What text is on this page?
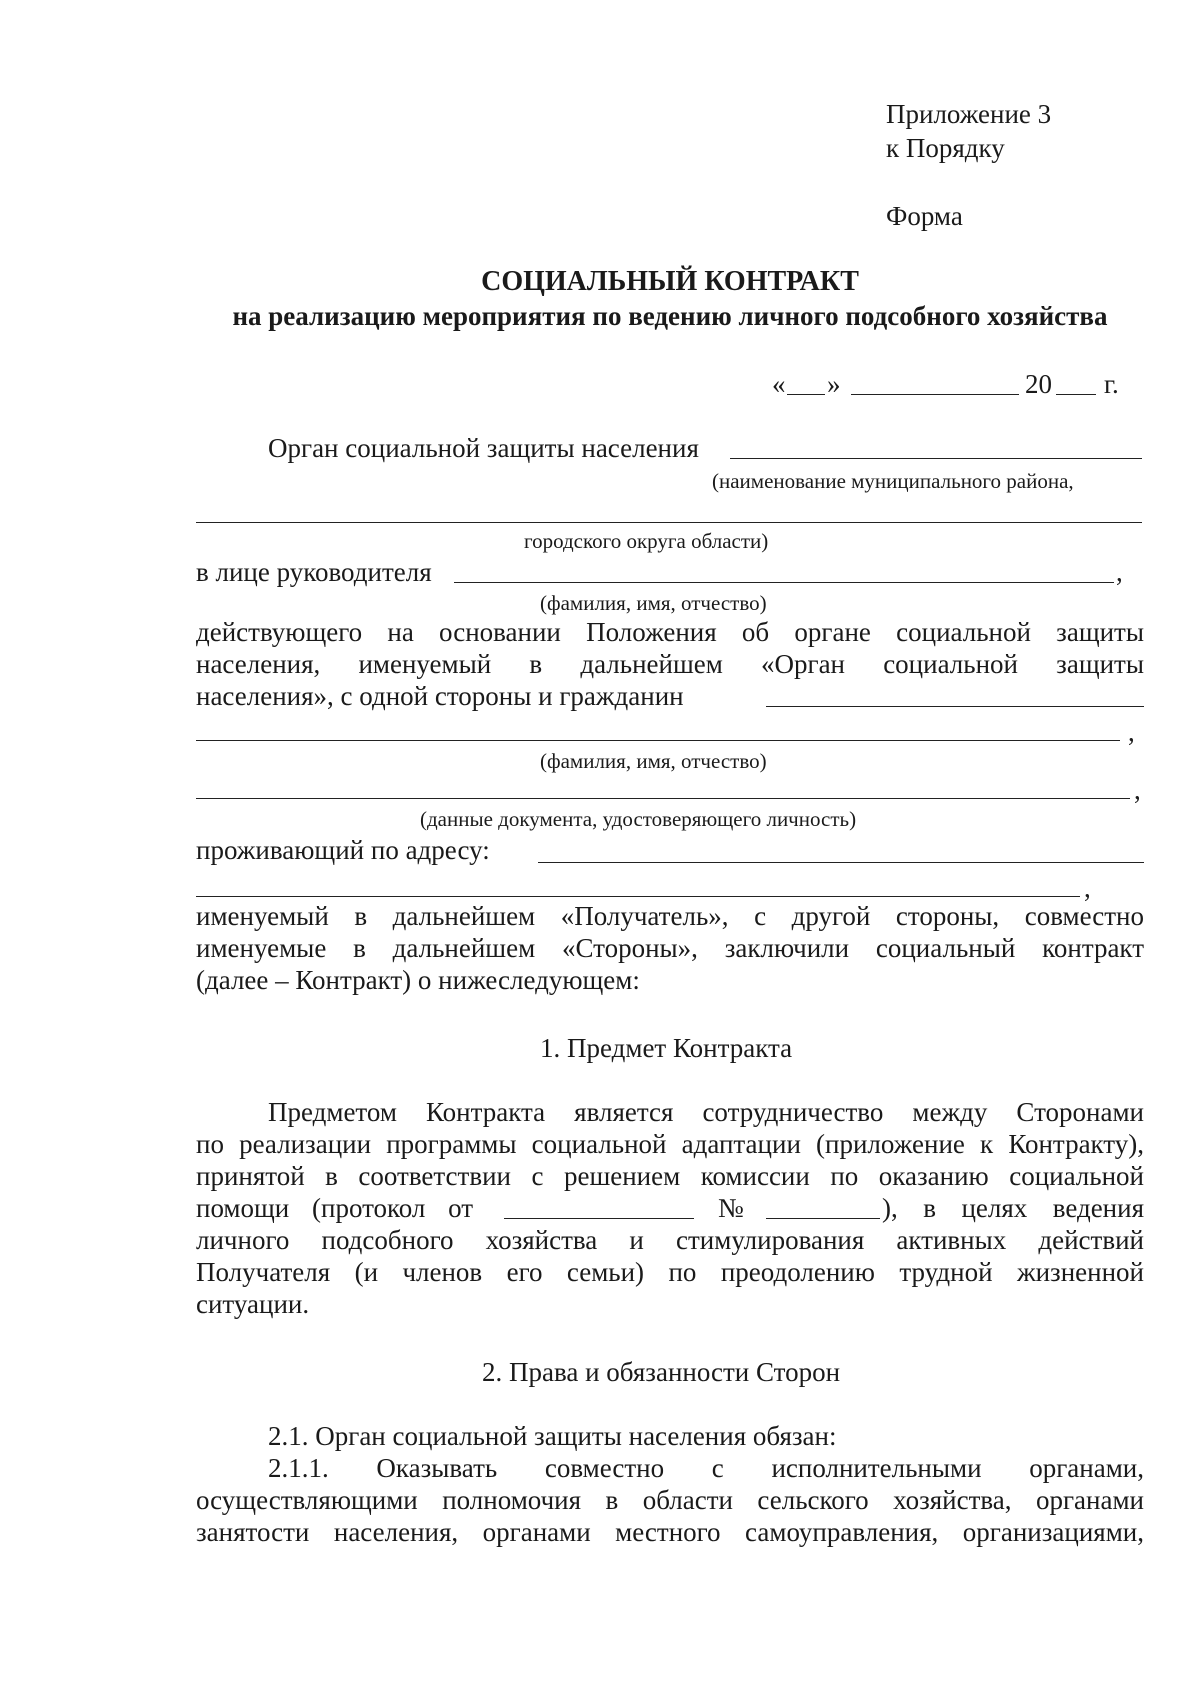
Приложение 3
к Порядку
Форма
СОЦИАЛЬНЫЙ КОНТРАКТ
на реализацию мероприятия по ведению личного подсобного хозяйства
« »	20 г.
Орган социальной защиты населения
(наименование муниципального района,
городского округа области)
в лице руководителя	,
(фамилия, имя, отчество)
действующего на основании Положения об органе социальной защиты
населения, именуемый в дальнейшем «Орган социальной защиты
населения», с одной стороны и гражданин
,
(фамилия, имя, отчество)
,
(данные документа, удостоверяющего личность)
проживающий по адресу:
,
именуемый в дальнейшем «Получатель», с другой стороны, совместно
именуемые в дальнейшем «Стороны», заключили социальный контракт
(далее – Контракт) о нижеследующем:
1. Предмет Контракта
Предметом Контракта является сотрудничество между Сторонами
по реализации программы социальной адаптации (приложение к Контракту),
принятой в соответствии с решением комиссии по оказанию социальной
помощи (протокол от	№	), в целях ведения
личного подсобного хозяйства и стимулирования активных действий
Получателя (и членов его семьи) по преодолению трудной жизненной
ситуации.
2. Права и обязанности Сторон
2.1. Орган социальной защиты населения обязан:
2.1.1. Оказывать совместно с исполнительными органами,
осуществляющими полномочия в области сельского хозяйства, органами
занятости населения, органами местного самоуправления, организациями,
